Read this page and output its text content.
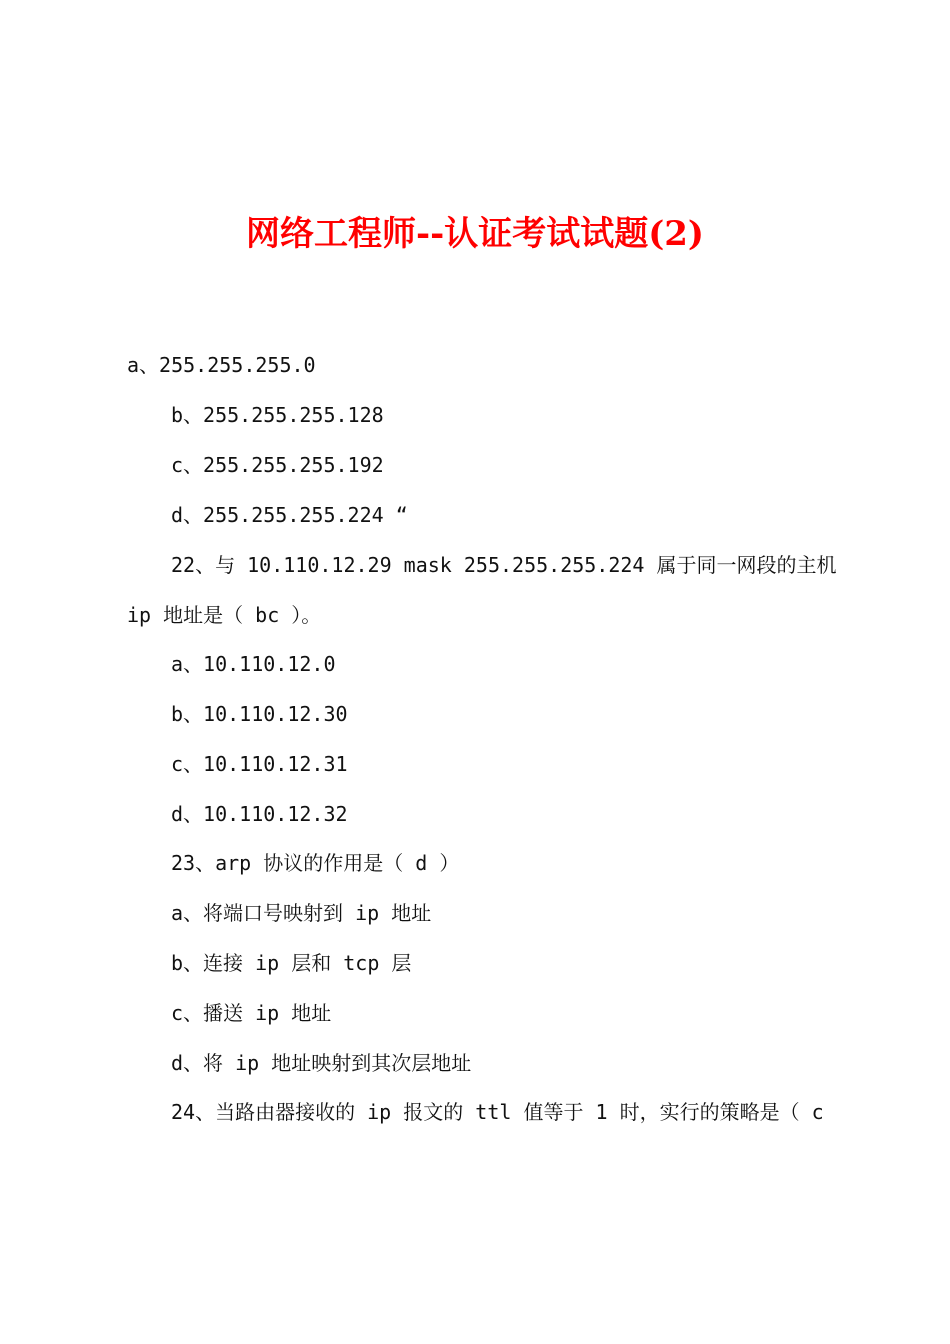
网络工程师--认证考试试题(2)

a、255.255.255.0

b、255.255.255.128

c、255.255.255.192

d、255.255.255.224 “

22、与 10.110.12.29 mask 255.255.255.224 属于同一网段的主机

ip 地址是（ bc ）。

a、10.110.12.0

b、10.110.12.30

c、10.110.12.31

d、10.110.12.32

23、arp 协议的作用是（ d ）

a、将端口号映射到 ip 地址

b、连接 ip 层和 tcp 层

c、播送 ip 地址

d、将 ip 地址映射到其次层地址

24、当路由器接收的 ip 报文的 ttl 值等于 1 时，实行的策略是（ c
